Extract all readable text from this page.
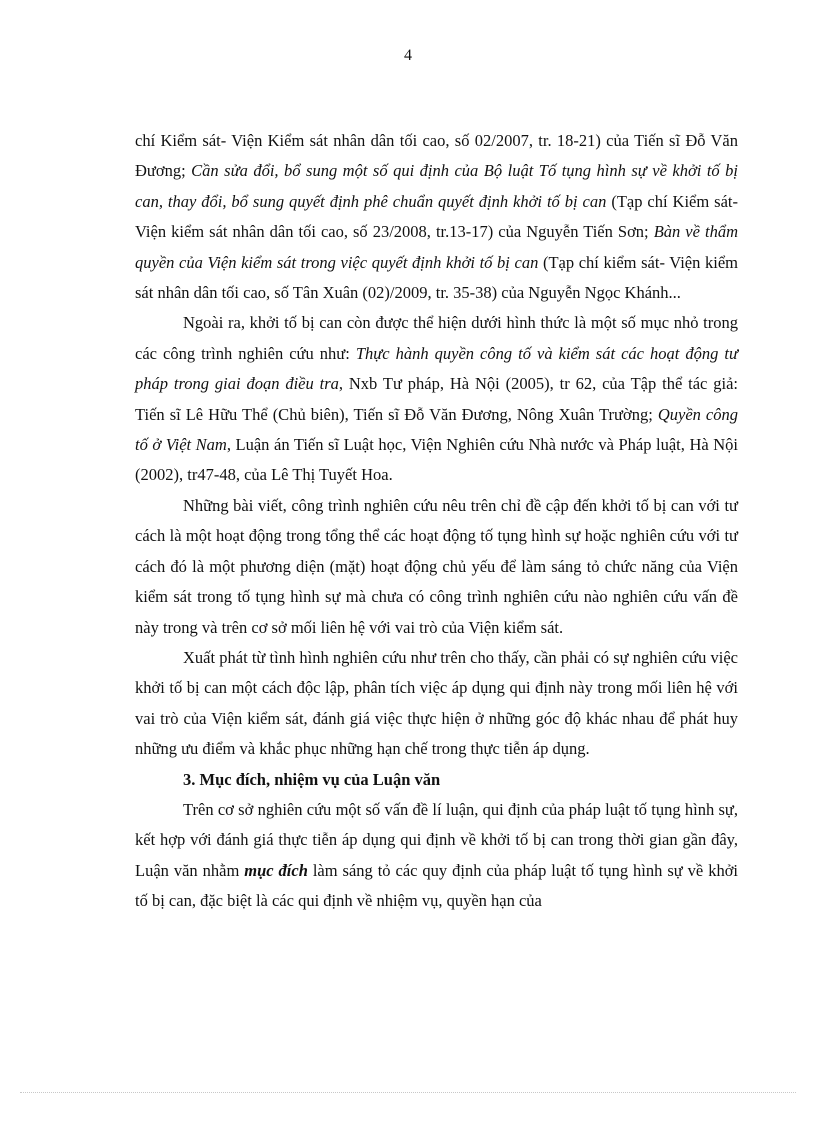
4

chí Kiểm sát- Viện Kiểm sát nhân dân tối cao, số 02/2007, tr. 18-21) của Tiến sĩ Đỗ Văn Đương; Cần sửa đổi, bổ sung một số qui định của Bộ luật Tố tụng hình sự về khởi tố bị can, thay đổi, bổ sung quyết định phê chuẩn quyết định khởi tố bị can (Tạp chí Kiểm sát- Viện kiểm sát nhân dân tối cao, số 23/2008, tr.13-17) của Nguyễn Tiến Sơn; Bàn về thẩm quyền của Viện kiểm sát trong việc quyết định khởi tố bị can (Tạp chí kiểm sát- Viện kiểm sát nhân dân tối cao, số Tân Xuân (02)/2009, tr. 35-38) của Nguyễn Ngọc Khánh...

Ngoài ra, khởi tố bị can còn được thể hiện dưới hình thức là một số mục nhỏ trong các công trình nghiên cứu như: Thực hành quyền công tố và kiểm sát các hoạt động tư pháp trong giai đoạn điều tra, Nxb Tư pháp, Hà Nội (2005), tr 62, của Tập thể tác giả: Tiến sĩ Lê Hữu Thể (Chủ biên), Tiến sĩ Đỗ Văn Đương, Nông Xuân Trường; Quyền công tố ở Việt Nam, Luận án Tiến sĩ Luật học, Viện Nghiên cứu Nhà nước và Pháp luật, Hà Nội (2002), tr47-48, của Lê Thị Tuyết Hoa.

Những bài viết, công trình nghiên cứu nêu trên chỉ đề cập đến khởi tố bị can với tư cách là một hoạt động trong tổng thể các hoạt động tố tụng hình sự hoặc nghiên cứu với tư cách đó là một phương diện (mặt) hoạt động chủ yếu để làm sáng tỏ chức năng của Viện kiểm sát trong tố tụng hình sự mà chưa có công trình nghiên cứu nào nghiên cứu vấn đề này trong và trên cơ sở mối liên hệ với vai trò của Viện kiểm sát.

Xuất phát từ tình hình nghiên cứu như trên cho thấy, cần phải có sự nghiên cứu việc khởi tố bị can một cách độc lập, phân tích việc áp dụng qui định này trong mối liên hệ với vai trò của Viện kiểm sát, đánh giá việc thực hiện ở những góc độ khác nhau để phát huy những ưu điểm và khắc phục những hạn chế trong thực tiễn áp dụng.

3. Mục đích, nhiệm vụ của Luận văn

Trên cơ sở nghiên cứu một số vấn đề lí luận, qui định của pháp luật tố tụng hình sự, kết hợp với đánh giá thực tiễn áp dụng qui định về khởi tố bị can trong thời gian gần đây, Luận văn nhằm mục đích làm sáng tỏ các quy định của pháp luật tố tụng hình sự về khởi tố bị can, đặc biệt là các qui định về nhiệm vụ, quyền hạn của
